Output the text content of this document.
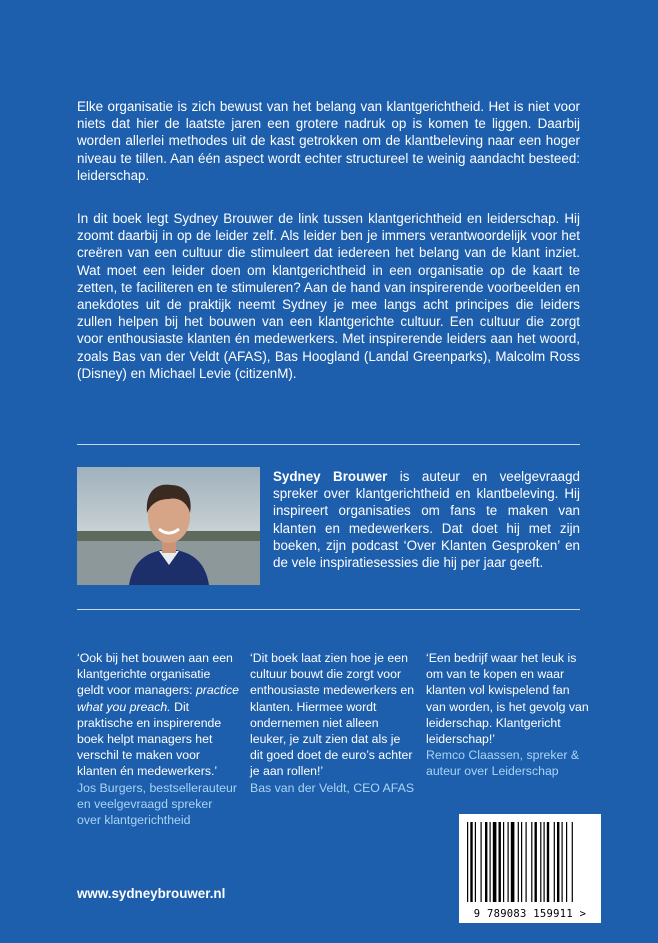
Elke organisatie is zich bewust van het belang van klantgerichtheid. Het is niet voor niets dat hier de laatste jaren een grotere nadruk op is komen te liggen. Daarbij worden allerlei methodes uit de kast getrokken om de klantbeleving naar een hoger niveau te tillen. Aan één aspect wordt echter structureel te weinig aandacht besteed: leiderschap.

In dit boek legt Sydney Brouwer de link tussen klantgerichtheid en leiderschap. Hij zoomt daarbij in op de leider zelf. Als leider ben je immers verantwoordelijk voor het creëren van een cultuur die stimuleert dat iedereen het belang van de klant inziet. Wat moet een leider doen om klantgerichtheid in een organisatie op de kaart te zetten, te faciliteren en te stimuleren? Aan de hand van inspirerende voorbeelden en anekdotes uit de praktijk neemt Sydney je mee langs acht principes die leiders zullen helpen bij het bouwen van een klantgerichte cultuur. Een cultuur die zorgt voor enthousiaste klanten én medewerkers. Met inspirerende leiders aan het woord, zoals Bas van der Veldt (AFAS), Bas Hoogland (Landal Greenparks), Malcolm Ross (Disney) en Michael Levie (citizenM).

Sydney Brouwer is auteur en veelgevraagd spreker over klantgerichtheid en klantbeleving. Hij inspireert organisaties om fans te maken van klanten en medewerkers. Dat doet hij met zijn boeken, zijn podcast ‘Over Klanten Gesproken’ en de vele inspiratiesessies die hij per jaar geeft.

‘Ook bij het bouwen aan een klantgerichte organisatie geldt voor managers: practice what you preach. Dit praktische en inspirerende boek helpt managers het verschil te maken voor klanten én medewerkers.’
Jos Burgers, bestsellerauteur en veelgevraagd spreker over klantgerichtheid
‘Dit boek laat zien hoe je een cultuur bouwt die zorgt voor enthousiaste medewerkers en klanten. Hiermee wordt ondernemen niet alleen leuker, je zult zien dat als je dit goed doet de euro’s achter je aan rollen!’
Bas van der Veldt, CEO AFAS
‘Een bedrijf waar het leuk is om van te kopen en waar klanten vol kwispelend fan van worden, is het gevolg van leiderschap. Klantgericht leiderschap!’
Remco Claassen, spreker & auteur over Leiderschap

www.sydneybrouwer.nl

9 789083 159911 >
